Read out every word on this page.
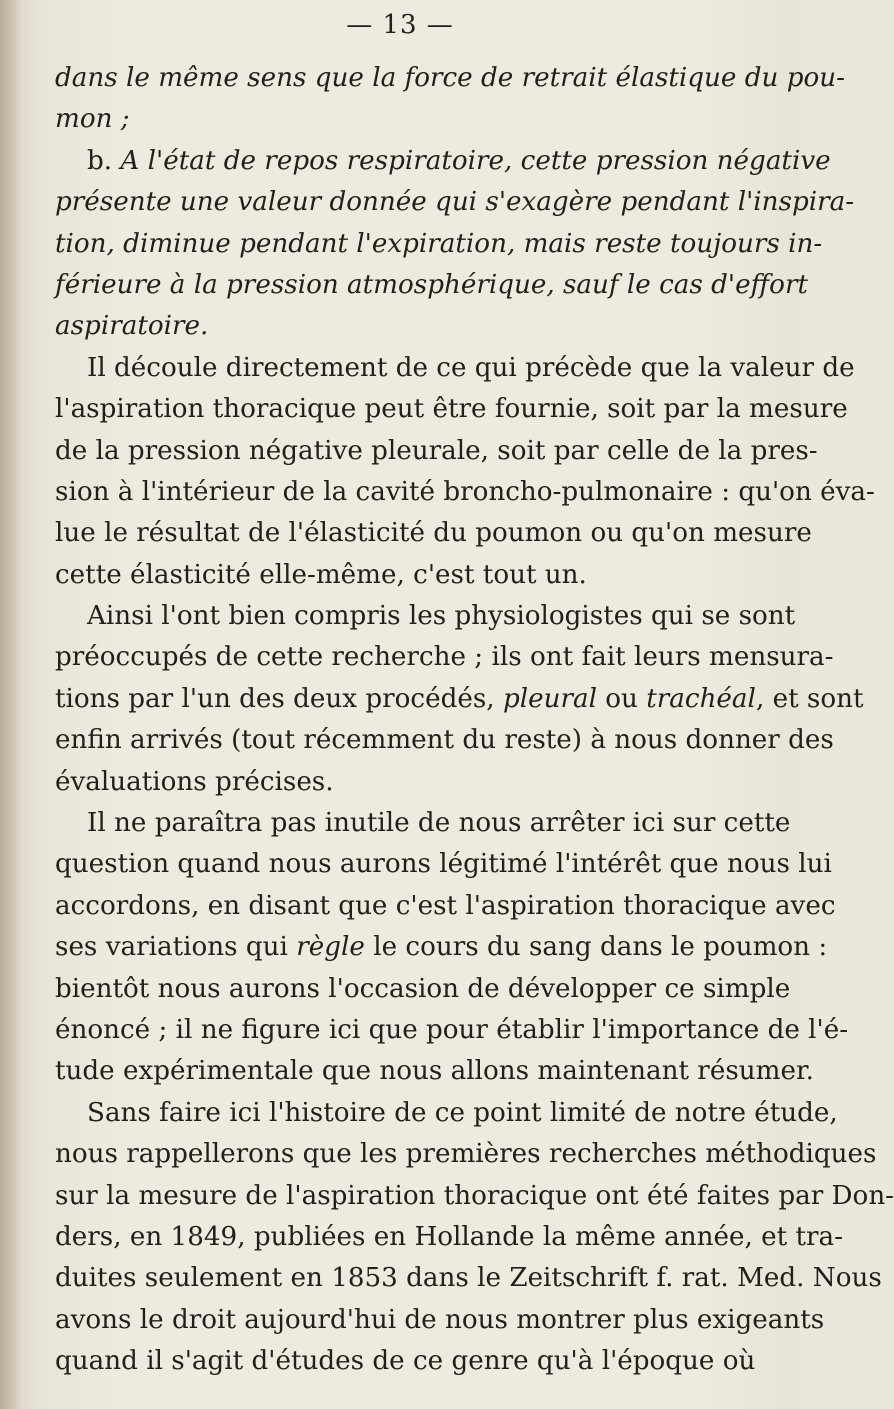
— 13 —
dans le même sens que la force de retrait élastique du pou-
mon ;
b. A l'état de repos respiratoire, cette pression négative
présente une valeur donnée qui s'exagère pendant l'inspira-
tion, diminue pendant l'expiration, mais reste toujours in-
férieure à la pression atmosphérique, sauf le cas d'effort
aspiratoire.
Il découle directement de ce qui précède que la valeur de
l'aspiration thoracique peut être fournie, soit par la mesure
de la pression négative pleurale, soit par celle de la pres-
sion à l'intérieur de la cavité broncho-pulmonaire : qu'on éva-
lue le résultat de l'élasticité du poumon ou qu'on mesure
cette élasticité elle-même, c'est tout un.
Ainsi l'ont bien compris les physiologistes qui se sont
préoccupés de cette recherche ; ils ont fait leurs mensura-
tions par l'un des deux procédés, pleural ou trachéal, et sont
enfin arrivés (tout récemment du reste) à nous donner des
évaluations précises.
Il ne paraîtra pas inutile de nous arrêter ici sur cette
question quand nous aurons légitimé l'intérêt que nous lui
accordons, en disant que c'est l'aspiration thoracique avec
ses variations qui règle le cours du sang dans le poumon :
bientôt nous aurons l'occasion de développer ce simple
énoncé ; il ne figure ici que pour établir l'importance de l'é-
tude expérimentale que nous allons maintenant résumer.
Sans faire ici l'histoire de ce point limité de notre étude,
nous rappellerons que les premières recherches méthodiques
sur la mesure de l'aspiration thoracique ont été faites par Don-
ders, en 1849, publiées en Hollande la même année, et tra-
duites seulement en 1853 dans le Zeitschrift f. rat. Med. Nous
avons le droit aujourd'hui de nous montrer plus exigeants
quand il s'agit d'études de ce genre qu'à l'époque où
